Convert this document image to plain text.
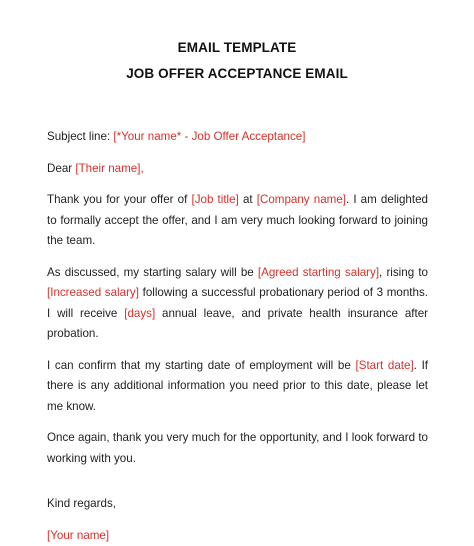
EMAIL TEMPLATE
JOB OFFER ACCEPTANCE EMAIL

Subject line: [*Your name* - Job Offer Acceptance]

Dear [Their name],

Thank you for your offer of [Job title] at [Company name]. I am delighted to formally accept the offer, and I am very much looking forward to joining the team.

As discussed, my starting salary will be [Agreed starting salary], rising to [Increased salary] following a successful probationary period of 3 months. I will receive [days] annual leave, and private health insurance after probation.

I can confirm that my starting date of employment will be [Start date]. If there is any additional information you need prior to this date, please let me know.

Once again, thank you very much for the opportunity, and I look forward to working with you.

Kind regards,

[Your name]
